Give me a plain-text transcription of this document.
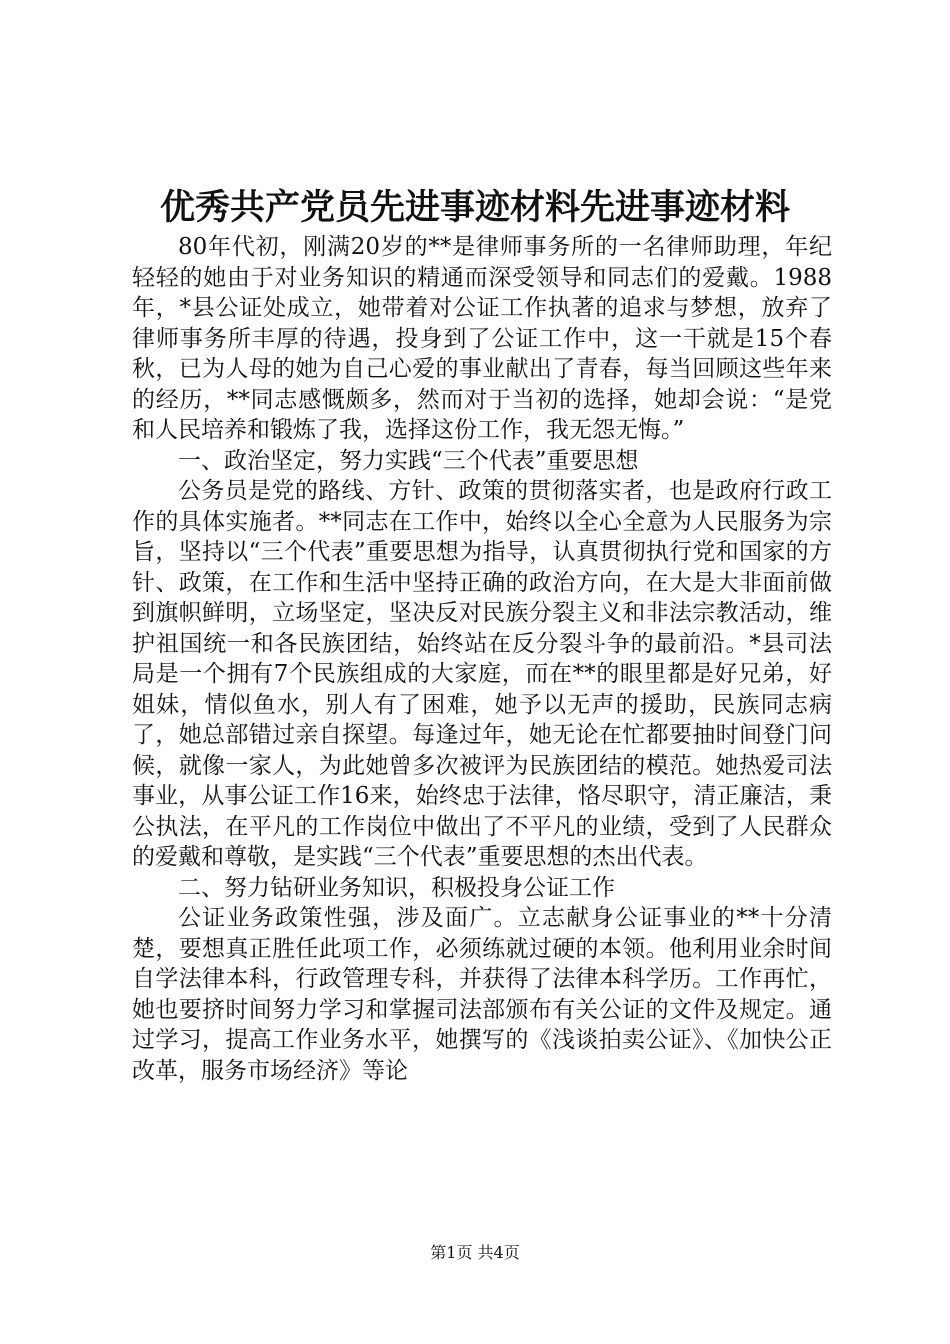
优秀共产党员先进事迹材料先进事迹材料

80年代初，刚满20岁的**是律师事务所的一名律师助理，年纪轻轻的她由于对业务知识的精通而深受领导和同志们的爱戴。1988年，*县公证处成立，她带着对公证工作执著的追求与梦想，放弃了律师事务所丰厚的待遇，投身到了公证工作中，这一干就是15个春秋，已为人母的她为自己心爱的事业献出了青春，每当回顾这些年来的经历，**同志感慨颇多，然而对于当初的选择，她却会说：“是党和人民培养和锻炼了我，选择这份工作，我无怨无悔。”

一、政治坚定，努力实践“三个代表”重要思想

公务员是党的路线、方针、政策的贯彻落实者，也是政府行政工作的具体实施者。**同志在工作中，始终以全心全意为人民服务为宗旨，坚持以“三个代表”重要思想为指导，认真贯彻执行党和国家的方针、政策，在工作和生活中坚持正确的政治方向，在大是大非面前做到旗帜鲜明，立场坚定，坚决反对民族分裂主义和非法宗教活动，维护祖国统一和各民族团结，始终站在反分裂斗争的最前沿。*县司法局是一个拥有7个民族组成的大家庭，而在**的眼里都是好兄弟，好姐妹，情似鱼水，别人有了困难，她予以无声的援助，民族同志病了，她总部错过亲自探望。每逢过年，她无论在忙都要抽时间登门问候，就像一家人，为此她曾多次被评为民族团结的模范。她热爱司法事业，从事公证工作16来，始终忠于法律，恪尽职守，清正廉洁，秉公执法，在平凡的工作岗位中做出了不平凡的业绩，受到了人民群众的爱戴和尊敬，是实践“三个代表”重要思想的杰出代表。

二、努力钻研业务知识，积极投身公证工作

公证业务政策性强，涉及面广。立志献身公证事业的**十分清楚，要想真正胜任此项工作，必须练就过硬的本领。他利用业余时间自学法律本科，行政管理专科，并获得了法律本科学历。工作再忙，她也要挤时间努力学习和掌握司法部颁布有关公证的文件及规定。通过学习，提高工作业务水平，她撰写的《浅谈拍卖公证》、《加快公正改革，服务市场经济》等论

第1页 共4页
